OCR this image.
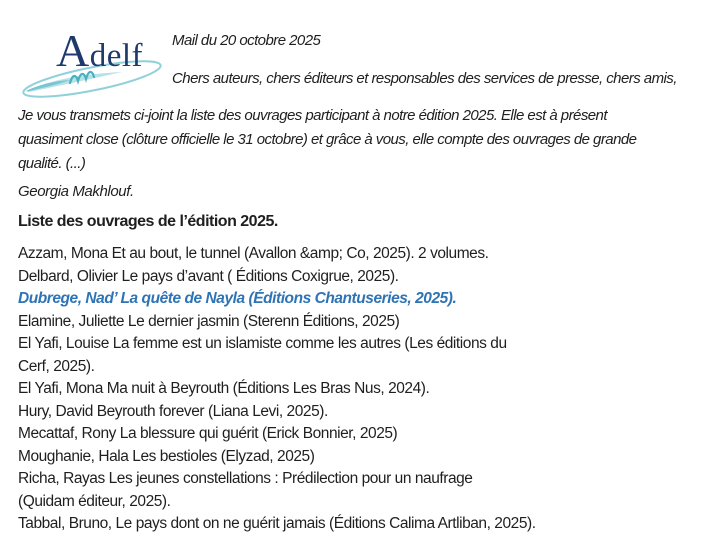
Adelf Mail du 20 octobre 2025
Chers auteurs, chers éditeurs et responsables des services de presse, chers amis,
Je vous transmets ci-joint la liste des ouvrages participant à notre édition 2025. Elle est à présent
quasiment close (clôture officielle le 31 octobre) et grâce à vous, elle compte des ouvrages de grande
qualité. (...)
Georgia Makhlouf.
Liste des ouvrages de l’édition 2025.
Azzam, Mona Et au bout, le tunnel (Avallon &amp; Co, 2025). 2 volumes.
Delbard, Olivier Le pays d’avant ( Éditions Coxigrue, 2025).
Dubrege, Nad’ La quête de Nayla (Éditions Chantuseries, 2025).
Elamine, Juliette Le dernier jasmin (Sterenn Éditions, 2025)
El Yafi, Louise La femme est un islamiste comme les autres (Les éditions du
Cerf, 2025).
El Yafi, Mona Ma nuit à Beyrouth (Éditions Les Bras Nus, 2024).
Hury, David Beyrouth forever (Liana Levi, 2025).
Mecattaf, Rony La blessure qui guérit (Erick Bonnier, 2025)
Moughanie, Hala Les bestioles (Elyzad, 2025)
Richa, Rayas Les jeunes constellations : Prédilection pour un naufrage
(Quidam éditeur, 2025).
Tabbal, Bruno, Le pays dont on ne guérit jamais (Éditions Calima Artliban, 2025).
